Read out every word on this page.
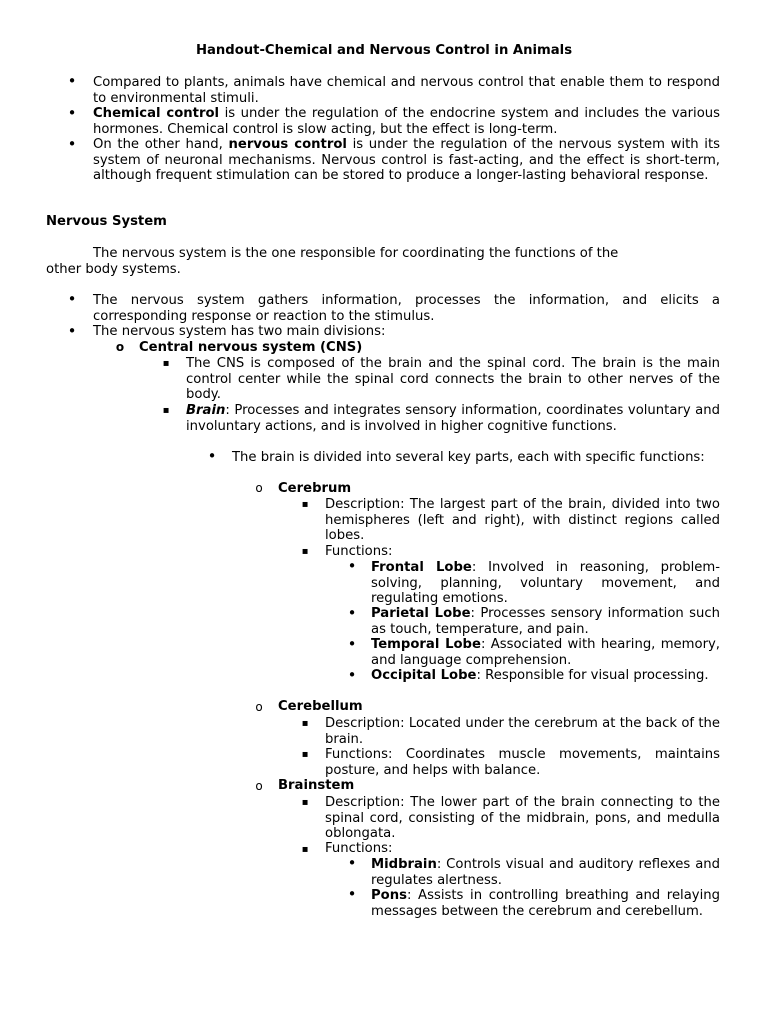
Handout-Chemical and Nervous Control in Animals
•
Compared to plants, animals have chemical and nervous control that enable them to respond to environmental stimuli.
•
Chemical control is under the regulation of the endocrine system and includes the various hormones. Chemical control is slow acting, but the effect is long-term.
•
On the other hand, nervous control is under the regulation of the nervous system with its system of neuronal mechanisms. Nervous control is fast-acting, and the effect is short-term, although frequent stimulation can be stored to produce a longer-lasting behavioral response.
Nervous System
The nervous system is the one responsible for coordinating the functions of the
other body systems.
•
The nervous system gathers information, processes the information, and elicits a corresponding response or reaction to the stimulus.
•
The nervous system has two main divisions:
o
Central nervous system (CNS)
▪
The CNS is composed of the brain and the spinal cord. The brain is the main control center while the spinal cord connects the brain to other nerves of the body.
▪
Brain: Processes and integrates sensory information, coordinates voluntary and involuntary actions, and is involved in higher cognitive functions.
•
The brain is divided into several key parts, each with specific functions:
o
Cerebrum
▪
Description: The largest part of the brain, divided into two hemispheres (left and right), with distinct regions called lobes.
▪
Functions:
•
Frontal Lobe: Involved in reasoning, problem-solving, planning, voluntary movement, and regulating emotions.
•
Parietal Lobe: Processes sensory information such as touch, temperature, and pain.
•
Temporal Lobe: Associated with hearing, memory, and language comprehension.
•
Occipital Lobe: Responsible for visual processing.
o
Cerebellum
▪
Description: Located under the cerebrum at the back of the brain.
▪
Functions: Coordinates muscle movements, maintains posture, and helps with balance.
o
Brainstem
▪
Description: The lower part of the brain connecting to the spinal cord, consisting of the midbrain, pons, and medulla oblongata.
▪
Functions:
•
Midbrain: Controls visual and auditory reflexes and regulates alertness.
•
Pons: Assists in controlling breathing and relaying messages between the cerebrum and cerebellum.
